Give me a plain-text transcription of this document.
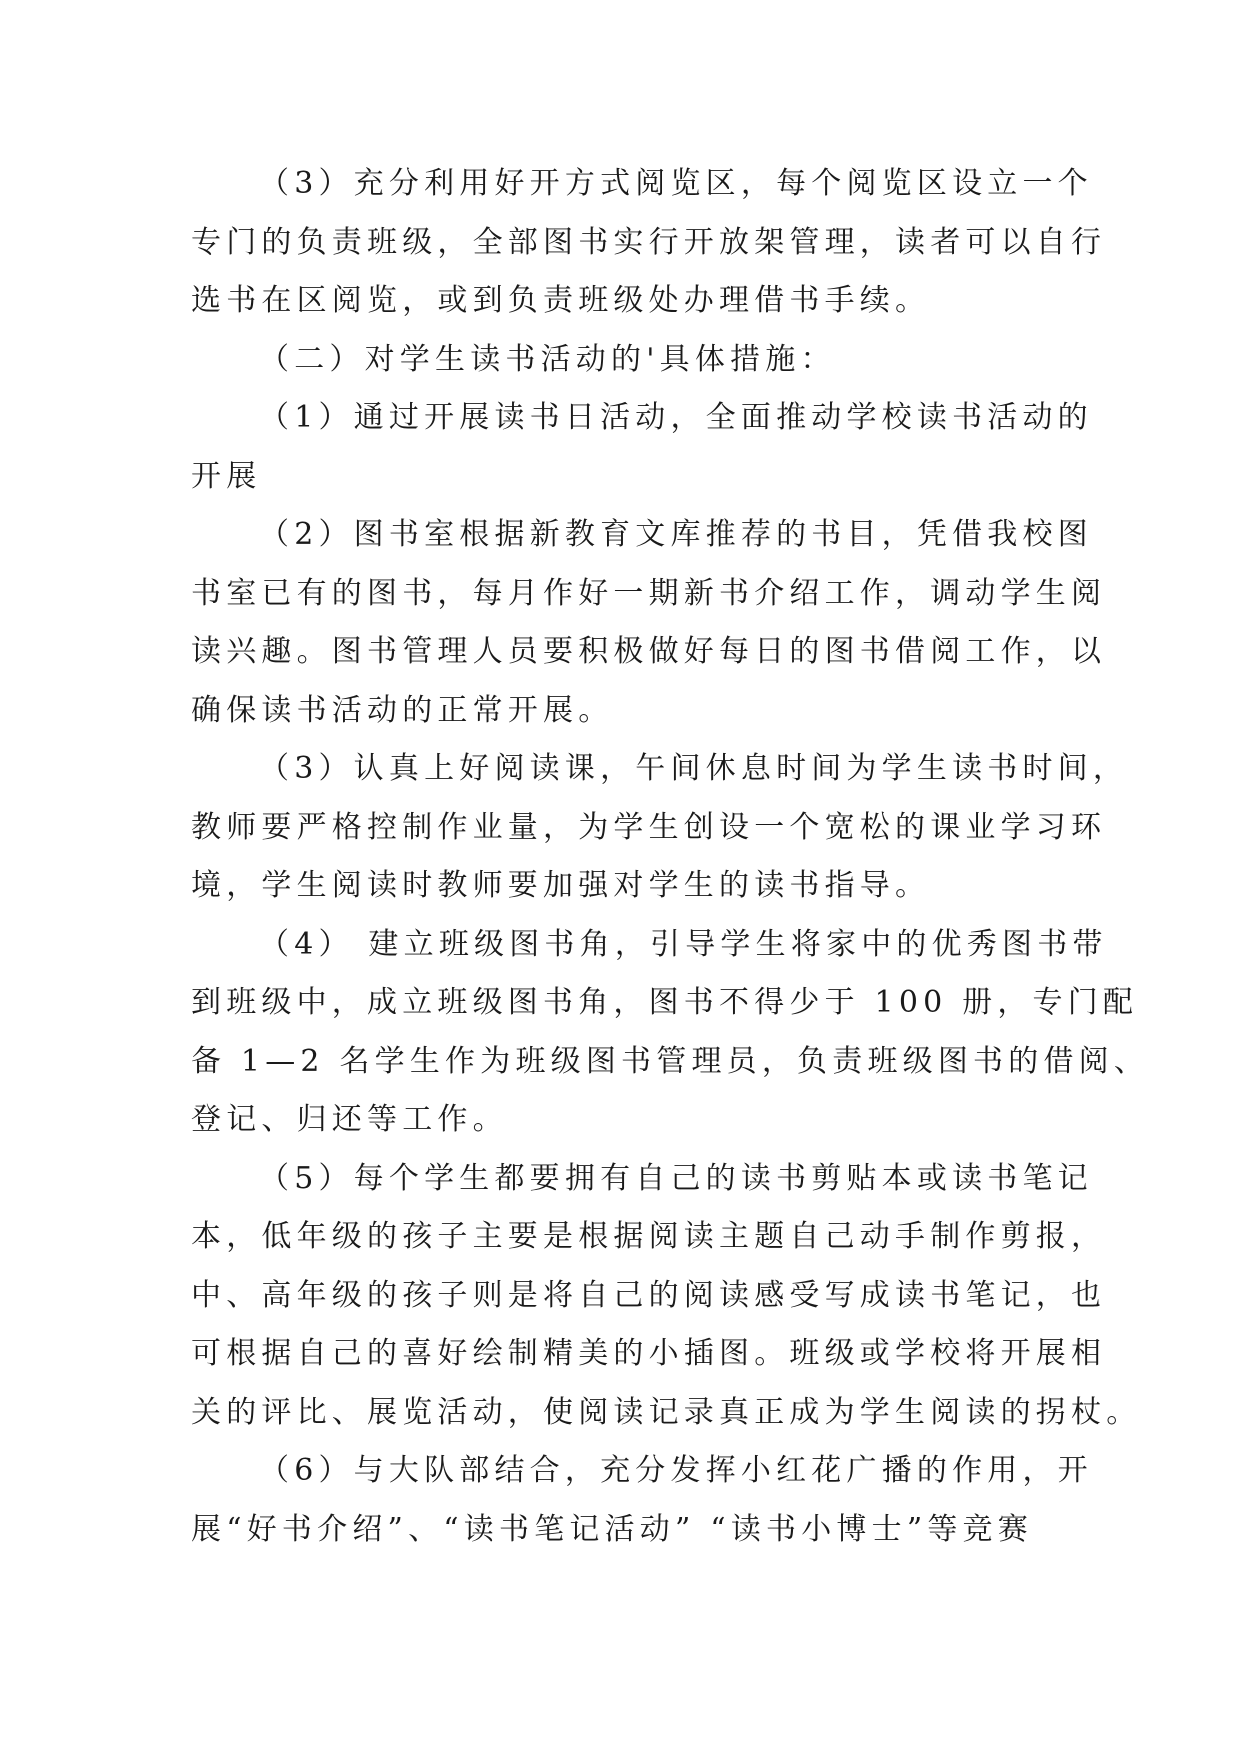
（3）充分利用好开方式阅览区，每个阅览区设立一个
专门的负责班级，全部图书实行开放架管理，读者可以自行
选书在区阅览，或到负责班级处办理借书手续。

（二）对学生读书活动的'具体措施：

（1）通过开展读书日活动，全面推动学校读书活动的
开展

（2）图书室根据新教育文库推荐的书目，凭借我校图
书室已有的图书，每月作好一期新书介绍工作，调动学生阅
读兴趣。图书管理人员要积极做好每日的图书借阅工作，以
确保读书活动的正常开展。

（3）认真上好阅读课，午间休息时间为学生读书时间，
教师要严格控制作业量，为学生创设一个宽松的课业学习环
境，学生阅读时教师要加强对学生的读书指导。

（4） 建立班级图书角，引导学生将家中的优秀图书带
到班级中，成立班级图书角，图书不得少于 100 册，专门配
备 1—2 名学生作为班级图书管理员，负责班级图书的借阅、
登记、归还等工作。

（5）每个学生都要拥有自己的读书剪贴本或读书笔记
本，低年级的孩子主要是根据阅读主题自己动手制作剪报，
中、高年级的孩子则是将自己的阅读感受写成读书笔记，也
可根据自己的喜好绘制精美的小插图。班级或学校将开展相
关的评比、展览活动，使阅读记录真正成为学生阅读的拐杖。

（6）与大队部结合，充分发挥小红花广播的作用，开
展“好书介绍”、“读书笔记活动” “读书小博士”等竞赛
